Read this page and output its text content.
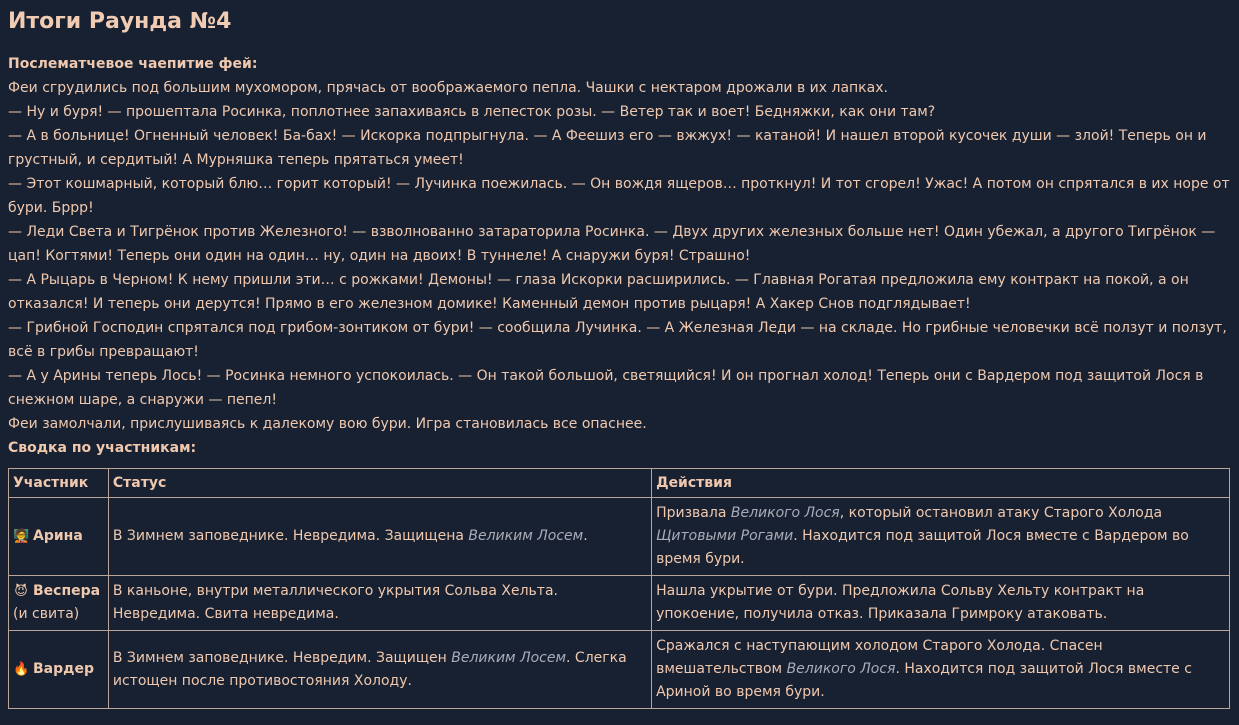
Итоги Раунда №4

Послематчевое чаепитие фей:

Феи сгрудились под большим мухомором, прячась от воображаемого пепла. Чашки с нектаром дрожали в их лапках.

— Ну и буря! — прошептала Росинка, поплотнее запахиваясь в лепесток розы. — Ветер так и воет! Бедняжки, как они там?

— А в больнице! Огненный человек! Ба-бах! — Искорка подпрыгнула. — А Феешиз его — вжжух! — катаной! И нашел второй кусочек души — злой! Теперь он и грустный, и сердитый! А Мурняшка теперь прятаться умеет!

— Этот кошмарный, который блю… горит который! — Лучинка поежилась. — Он вождя ящеров… проткнул! И тот сгорел! Ужас! А потом он спрятался в их норе от бури. Бррр!

— Леди Света и Тигрёнок против Железного! — взволнованно затараторила Росинка. — Двух других железных больше нет! Один убежал, а другого Тигрёнок — цап! Когтями! Теперь они один на один… ну, один на двоих! В туннеле! А снаружи буря! Страшно!

— А Рыцарь в Черном! К нему пришли эти… с рожками! Демоны! — глаза Искорки расширились. — Главная Рогатая предложила ему контракт на покой, а он отказался! И теперь они дерутся! Прямо в его железном домике! Каменный демон против рыцаря! А Хакер Снов подглядывает!

— Грибной Господин спрятался под грибом-зонтиком от бури! — сообщила Лучинка. — А Железная Леди — на складе. Но грибные человечки всё ползут и ползут, всё в грибы превращают!

— А у Арины теперь Лось! — Росинка немного успокоилась. — Он такой большой, светящийся! И он прогнал холод! Теперь они с Вардером под защитой Лося в снежном шаре, а снаружи — пепел!

Феи замолчали, прислушиваясь к далекому вою бури. Игра становилась все опаснее.

Сводка по участникам:

Участник	Статус	Действия
🧑‍🏫 Арина	В Зимнем заповеднике. Невредима. Защищена Великим Лосем.	Призвала Великого Лося, который остановил атаку Старого Холода Щитовыми Рогами. Находится под защитой Лося вместе с Вардером во время бури.
😈 Веспера
(и свита)	В каньоне, внутри металлического укрытия Сольва Хельта. Невредима. Свита невредима.	Нашла укрытие от бури. Предложила Сольву Хельту контракт на упокоение, получила отказ. Приказала Гримроку атаковать.
🔥 Вардер	В Зимнем заповеднике. Невредим. Защищен Великим Лосем. Слегка истощен после противостояния Холоду.	Сражался с наступающим холодом Старого Холода. Спасен вмешательством Великого Лося. Находится под защитой Лося вместе с Ариной во время бури.
